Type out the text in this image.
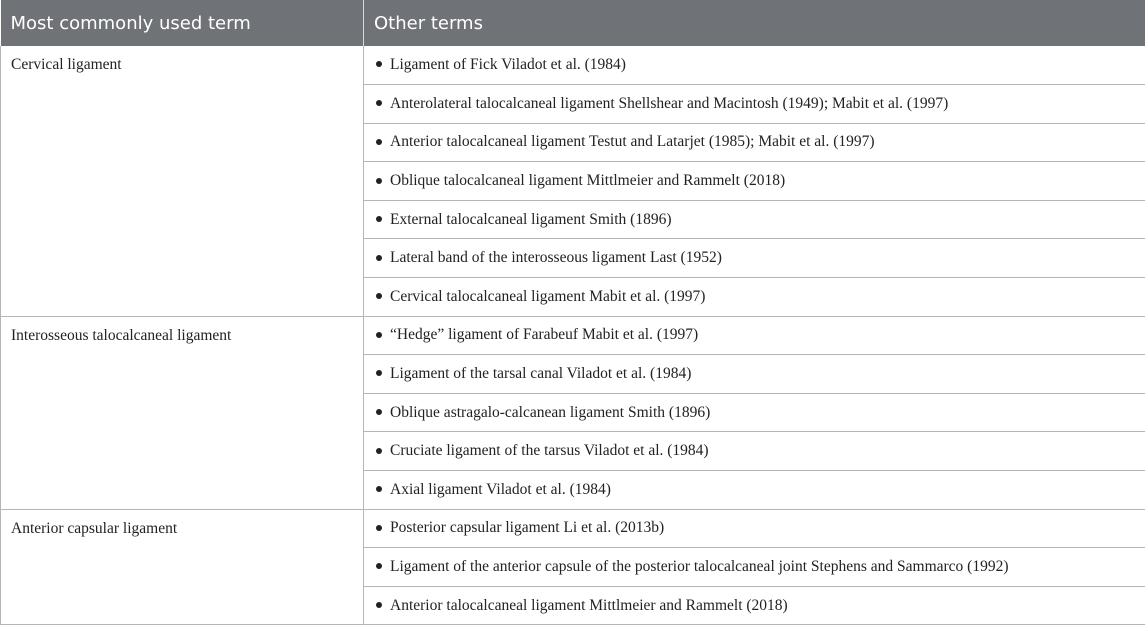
Most commonly used term	Other terms
Cervical ligament	Ligament of Fick Viladot et al. (1984)
	Anterolateral talocalcaneal ligament Shellshear and Macintosh (1949); Mabit et al. (1997)
	Anterior talocalcaneal ligament Testut and Latarjet (1985); Mabit et al. (1997)
	Oblique talocalcaneal ligament Mittlmeier and Rammelt (2018)
	External talocalcaneal ligament Smith (1896)
	Lateral band of the interosseous ligament Last (1952)
	Cervical talocalcaneal ligament Mabit et al. (1997)
Interosseous talocalcaneal ligament	“Hedge” ligament of Farabeuf Mabit et al. (1997)
	Ligament of the tarsal canal Viladot et al. (1984)
	Oblique astragalo-calcanean ligament Smith (1896)
	Cruciate ligament of the tarsus Viladot et al. (1984)
	Axial ligament Viladot et al. (1984)
Anterior capsular ligament	Posterior capsular ligament Li et al. (2013b)
	Ligament of the anterior capsule of the posterior talocalcaneal joint Stephens and Sammarco (1992)
	Anterior talocalcaneal ligament Mittlmeier and Rammelt (2018)
